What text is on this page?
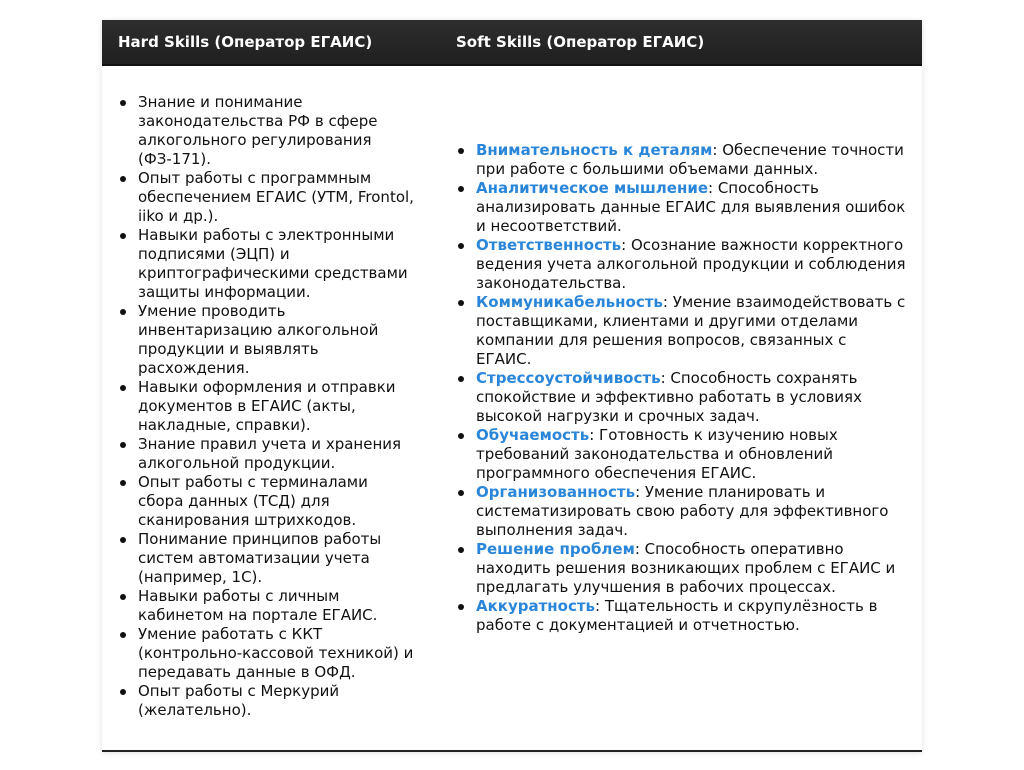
Hard Skills (Оператор ЕГАИС)	Soft Skills (Оператор ЕГАИС)
Знание и понимание законодательства РФ в сфере алкогольного регулирования (ФЗ-171).
Опыт работы с программным обеспечением ЕГАИС (УТМ, Frontol, iiko и др.).
Навыки работы с электронными подписями (ЭЦП) и криптографическими средствами защиты информации.
Умение проводить инвентаризацию алкогольной продукции и выявлять расхождения.
Навыки оформления и отправки документов в ЕГАИС (акты, накладные, справки).
Знание правил учета и хранения алкогольной продукции.
Опыт работы с терминалами сбора данных (ТСД) для сканирования штрихкодов.
Понимание принципов работы систем автоматизации учета (например, 1С).
Навыки работы с личным кабинетом на портале ЕГАИС.
Умение работать с ККТ (контрольно-кассовой техникой) и передавать данные в ОФД.
Опыт работы с Меркурий (желательно).
Внимательность к деталям: Обеспечение точности при работе с большими объемами данных.
Аналитическое мышление: Способность анализировать данные ЕГАИС для выявления ошибок и несоответствий.
Ответственность: Осознание важности корректного ведения учета алкогольной продукции и соблюдения законодательства.
Коммуникабельность: Умение взаимодействовать с поставщиками, клиентами и другими отделами компании для решения вопросов, связанных с ЕГАИС.
Стрессоустойчивость: Способность сохранять спокойствие и эффективно работать в условиях высокой нагрузки и срочных задач.
Обучаемость: Готовность к изучению новых требований законодательства и обновлений программного обеспечения ЕГАИС.
Организованность: Умение планировать и систематизировать свою работу для эффективного выполнения задач.
Решение проблем: Способность оперативно находить решения возникающих проблем с ЕГАИС и предлагать улучшения в рабочих процессах.
Аккуратность: Тщательность и скрупулёзность в работе с документацией и отчетностью.
